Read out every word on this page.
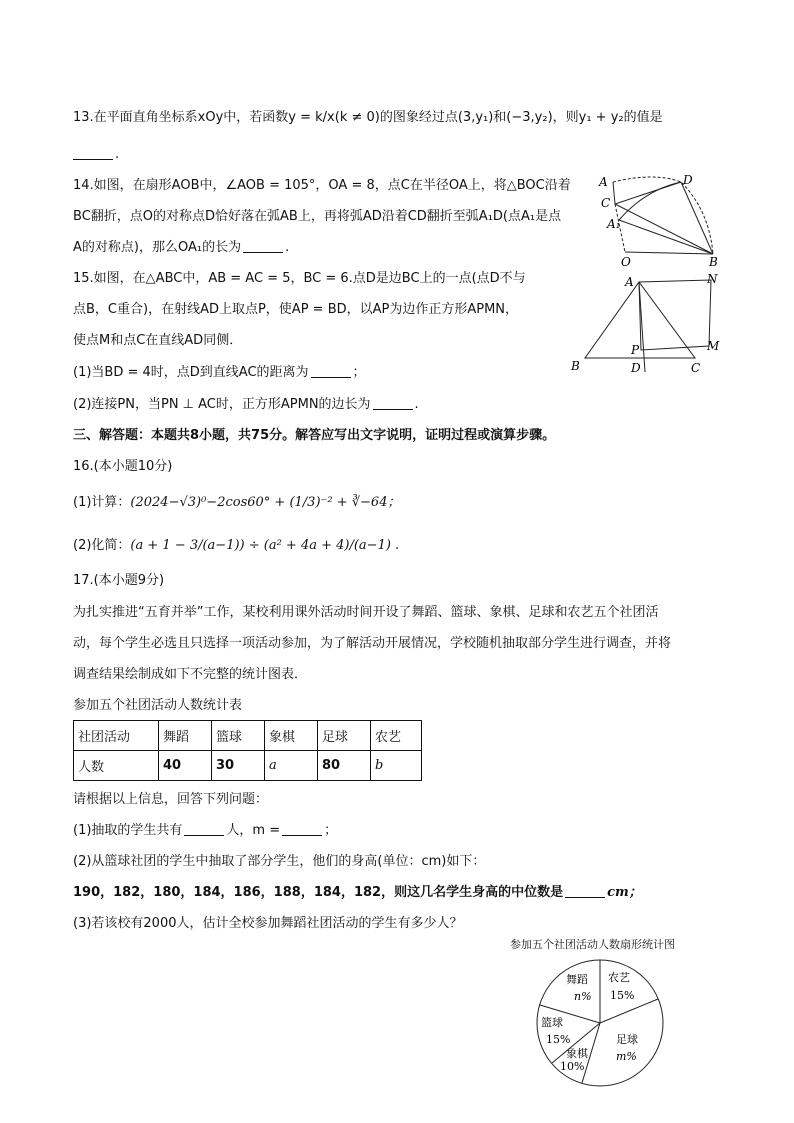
13.在平面直角坐标系xOy中，若函数y = k/x(k ≠ 0)的图象经过点(3,y₁)和(−3,y₂)，则y₁ + y₂的值是
.
14.如图，在扇形AOB中，∠AOB = 105°，OA = 8，点C在半径OA上，将△BOC沿着
BC翻折，点O的对称点D恰好落在弧AB上，再将弧AD沿着CD翻折至弧A₁D(点A₁是点
A的对称点)，那么OA₁的长为	.
A
C
A₁
D
O	B
15.如图，在△ABC中，AB = AC = 5，BC = 6.点D是边BC上的一点(点D不与
点B，C重合)，在射线AD上取点P，使AP = BD，以AP为边作正方形APMN，
使点M和点C在直线AD同侧．
(1)当BD = 4时，点D到直线AC的距离为	；
(2)连接PN，当PN ⊥ AC时，正方形APMN的边长为	.
A	N
P	M
B	D	C
三、解答题：本题共8小题，共75分。解答应写出文字说明，证明过程或演算步骤。
16.(本小题10分)
(1)计算：(2024−√3)⁰−2cos60° + (1/3)⁻² + ∛−64；
(2)化简：(a + 1 − 3/(a−1)) ÷ (a² + 4a + 4)/(a−1) .
17.(本小题9分)
为扎实推进“五育并举”工作，某校利用课外活动时间开设了舞蹈、篮球、象棋、足球和农艺五个社团活
动，每个学生必选且只选择一项活动参加，为了解活动开展情况，学校随机抽取部分学生进行调查，并将
调查结果绘制成如下不完整的统计图表．
参加五个社团活动人数统计表
社团活动	舞蹈	篮球	象棋	足球	农艺
人数	40	30	a	80	b
请根据以上信息，回答下列问题：
(1)抽取的学生共有	人，m =	；
(2)从篮球社团的学生中抽取了部分学生，他们的身高(单位：cm)如下：
190，182，180，184，186，188，184，182，则这几名学生身高的中位数是	cm；
(3)若该校有2000人，估计全校参加舞蹈社团活动的学生有多少人？
参加五个社团活动人数扇形统计图
舞蹈
n%
农艺
15%
足球
m%
象棋
10%
篮球
15%
